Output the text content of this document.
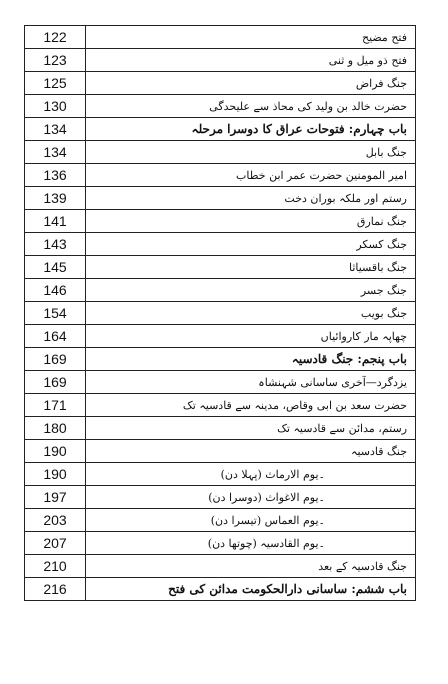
122	فتح مضیح
123	فتح ذو میل و ثنی
125	جنگ فراض
130	حضرت خالد بن ولید کی محاذ سے علیحدگی
134	باب چہارم: فتوحات عراق کا دوسرا مرحلہ
134	جنگ بابل
136	امیر المومنین حضرت عمر ابن خطاب
139	رستم اور ملکہ بوران دخت
141	جنگ نمارق
143	جنگ کسکر
145	جنگ باقسیاثا
146	جنگ جسر
154	جنگ بویب
164	چھاپہ مار کاروائیاں
169	باب پنجم: جنگ قادسیہ
169	یزدگرد—آخری ساسانی شہنشاہ
171	حضرت سعد بن ابی وقاص، مدینہ سے قادسیہ تک
180	رستم، مدائن سے قادسیہ تک
190	جنگ قادسیہ
190	۔یوم الارماث (پہلا دن)
197	۔یوم الاغواث (دوسرا دن)
203	۔یوم العماس (تیسرا دن)
207	۔یوم القادسیہ (چوتھا دن)
210	جنگ قادسیہ کے بعد
216	باب ششم: ساسانی دارالحکومت مدائن کی فتح
